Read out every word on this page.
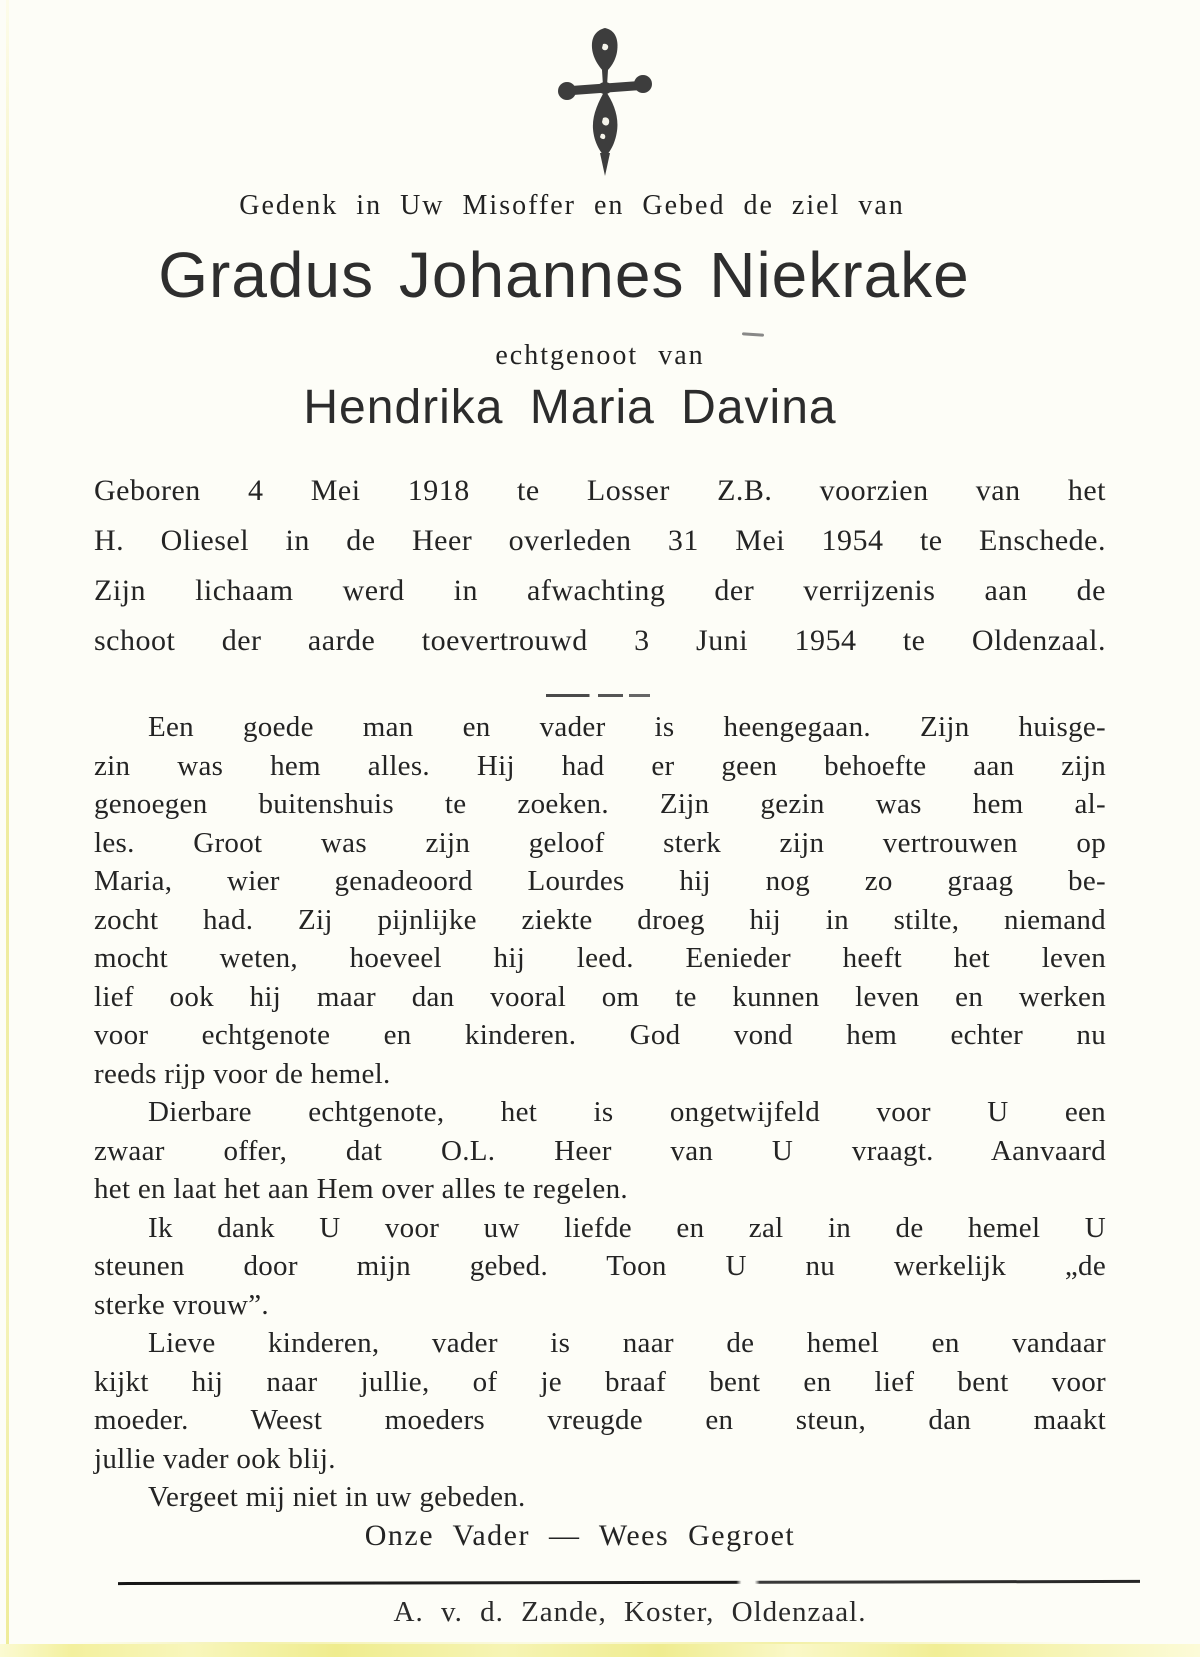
Gedenk in Uw Misoffer en Gebed de ziel van
Gradus Johannes Niekrake
echtgenoot van
Hendrika Maria Davina
Geboren 4 Mei 1918 te Losser Z.B. voorzien van het
H. Oliesel in de Heer overleden 31 Mei 1954 te Enschede.
Zijn lichaam werd in afwachting der verrijzenis aan de
schoot der aarde toevertrouwd 3 Juni 1954 te Oldenzaal.
Een goede man en vader is heengegaan. Zijn huisge-
zin was hem alles. Hij had er geen behoefte aan zijn
genoegen buitenshuis te zoeken. Zijn gezin was hem al-
les. Groot was zijn geloof sterk zijn vertrouwen op
Maria, wier genadeoord Lourdes hij nog zo graag be-
zocht had. Zij pijnlijke ziekte droeg hij in stilte, niemand
mocht weten, hoeveel hij leed. Eenieder heeft het leven
lief ook hij maar dan vooral om te kunnen leven en werken
voor echtgenote en kinderen. God vond hem echter nu
reeds rijp voor de hemel.
Dierbare echtgenote, het is ongetwijfeld voor U een
zwaar offer, dat O.L. Heer van U vraagt. Aanvaard
het en laat het aan Hem over alles te regelen.
Ik dank U voor uw liefde en zal in de hemel U
steunen door mijn gebed. Toon U nu werkelijk „de
sterke vrouw”.
Lieve kinderen, vader is naar de hemel en vandaar
kijkt hij naar jullie, of je braaf bent en lief bent voor
moeder. Weest moeders vreugde en steun, dan maakt
jullie vader ook blij.
Vergeet mij niet in uw gebeden.
Onze Vader — Wees Gegroet
A. v. d. Zande, Koster, Oldenzaal.
